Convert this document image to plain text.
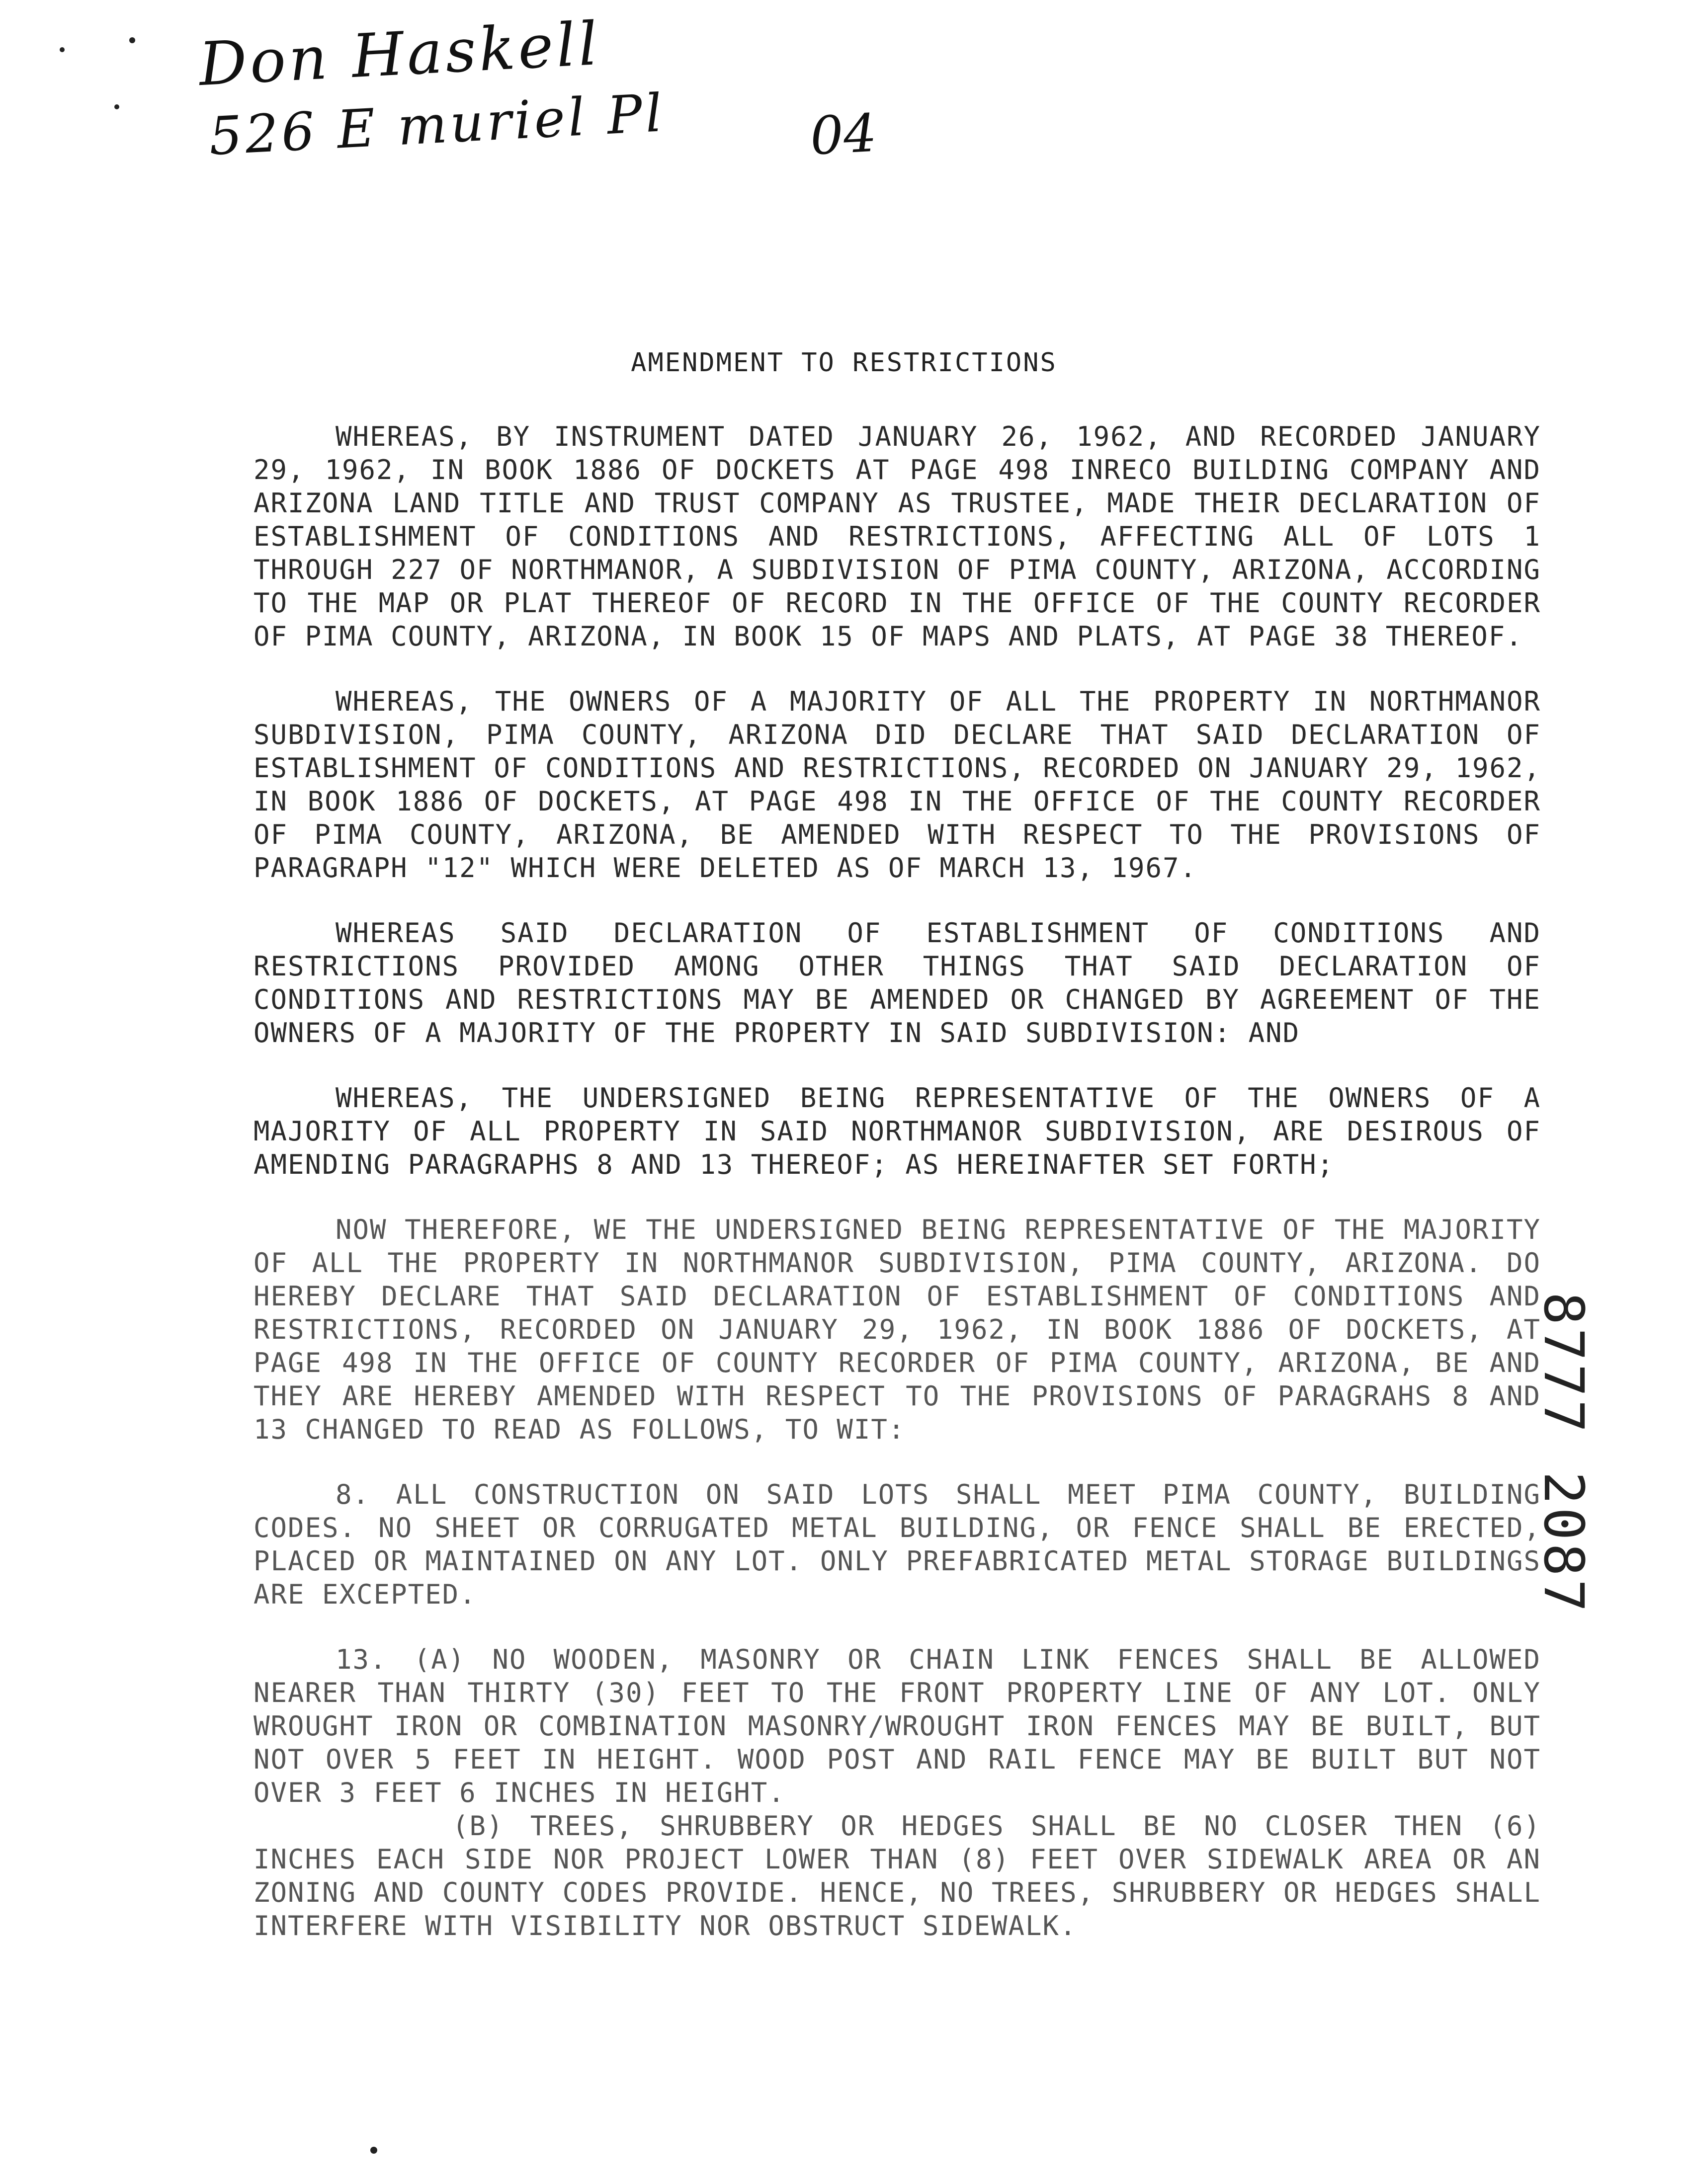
Don Haskell
526 E muriel Pl	04
AMENDMENT TO RESTRICTIONS

WHEREAS, BY INSTRUMENT DATED JANUARY 26, 1962, AND RECORDED JANUARY 29, 1962, IN BOOK 1886 OF DOCKETS AT PAGE 498 INRECO BUILDING COMPANY AND ARIZONA LAND TITLE AND TRUST COMPANY AS TRUSTEE, MADE THEIR DECLARATION OF ESTABLISHMENT OF CONDITIONS AND RESTRICTIONS, AFFECTING ALL OF LOTS 1 THROUGH 227 OF NORTHMANOR, A SUBDIVISION OF PIMA COUNTY, ARIZONA, ACCORDING TO THE MAP OR PLAT THEREOF OF RECORD IN THE OFFICE OF THE COUNTY RECORDER OF PIMA COUNTY, ARIZONA, IN BOOK 15 OF MAPS AND PLATS, AT PAGE 38 THEREOF.

WHEREAS, THE OWNERS OF A MAJORITY OF ALL THE PROPERTY IN NORTHMANOR SUBDIVISION, PIMA COUNTY, ARIZONA DID DECLARE THAT SAID DECLARATION OF ESTABLISHMENT OF CONDITIONS AND RESTRICTIONS, RECORDED ON JANUARY 29, 1962, IN BOOK 1886 OF DOCKETS, AT PAGE 498 IN THE OFFICE OF THE COUNTY RECORDER OF PIMA COUNTY, ARIZONA, BE AMENDED WITH RESPECT TO THE PROVISIONS OF PARAGRAPH "12" WHICH WERE DELETED AS OF MARCH 13, 1967.

WHEREAS SAID DECLARATION OF ESTABLISHMENT OF CONDITIONS AND RESTRICTIONS PROVIDED AMONG OTHER THINGS THAT SAID DECLARATION OF CONDITIONS AND RESTRICTIONS MAY BE AMENDED OR CHANGED BY AGREEMENT OF THE OWNERS OF A MAJORITY OF THE PROPERTY IN SAID SUBDIVISION: AND

WHEREAS, THE UNDERSIGNED BEING REPRESENTATIVE OF THE OWNERS OF A MAJORITY OF ALL PROPERTY IN SAID NORTHMANOR SUBDIVISION, ARE DESIROUS OF AMENDING PARAGRAPHS 8 AND 13 THEREOF; AS HEREINAFTER SET FORTH;

NOW THEREFORE, WE THE UNDERSIGNED BEING REPRESENTATIVE OF THE MAJORITY OF ALL THE PROPERTY IN NORTHMANOR SUBDIVISION, PIMA COUNTY, ARIZONA. DO HEREBY DECLARE THAT SAID DECLARATION OF ESTABLISHMENT OF CONDITIONS AND RESTRICTIONS, RECORDED ON JANUARY 29, 1962, IN BOOK 1886 OF DOCKETS, AT PAGE 498 IN THE OFFICE OF COUNTY RECORDER OF PIMA COUNTY, ARIZONA, BE AND THEY ARE HEREBY AMENDED WITH RESPECT TO THE PROVISIONS OF PARAGRAHS 8 AND 13 CHANGED TO READ AS FOLLOWS, TO WIT:

8. ALL CONSTRUCTION ON SAID LOTS SHALL MEET PIMA COUNTY, BUILDING CODES. NO SHEET OR CORRUGATED METAL BUILDING, OR FENCE SHALL BE ERECTED, PLACED OR MAINTAINED ON ANY LOT. ONLY PREFABRICATED METAL STORAGE BUILDINGS ARE EXCEPTED.

13. (A) NO WOODEN, MASONRY OR CHAIN LINK FENCES SHALL BE ALLOWED NEARER THAN THIRTY (30) FEET TO THE FRONT PROPERTY LINE OF ANY LOT. ONLY WROUGHT IRON OR COMBINATION MASONRY/WROUGHT IRON FENCES MAY BE BUILT, BUT NOT OVER 5 FEET IN HEIGHT. WOOD POST AND RAIL FENCE MAY BE BUILT BUT NOT OVER 3 FEET 6 INCHES IN HEIGHT.

(B) TREES, SHRUBBERY OR HEDGES SHALL BE NO CLOSER THEN (6) INCHES EACH SIDE NOR PROJECT LOWER THAN (8) FEET OVER SIDEWALK AREA OR AN ZONING AND COUNTY CODES PROVIDE. HENCE, NO TREES, SHRUBBERY OR HEDGES SHALL INTERFERE WITH VISIBILITY NOR OBSTRUCT SIDEWALK.

8777 2087
